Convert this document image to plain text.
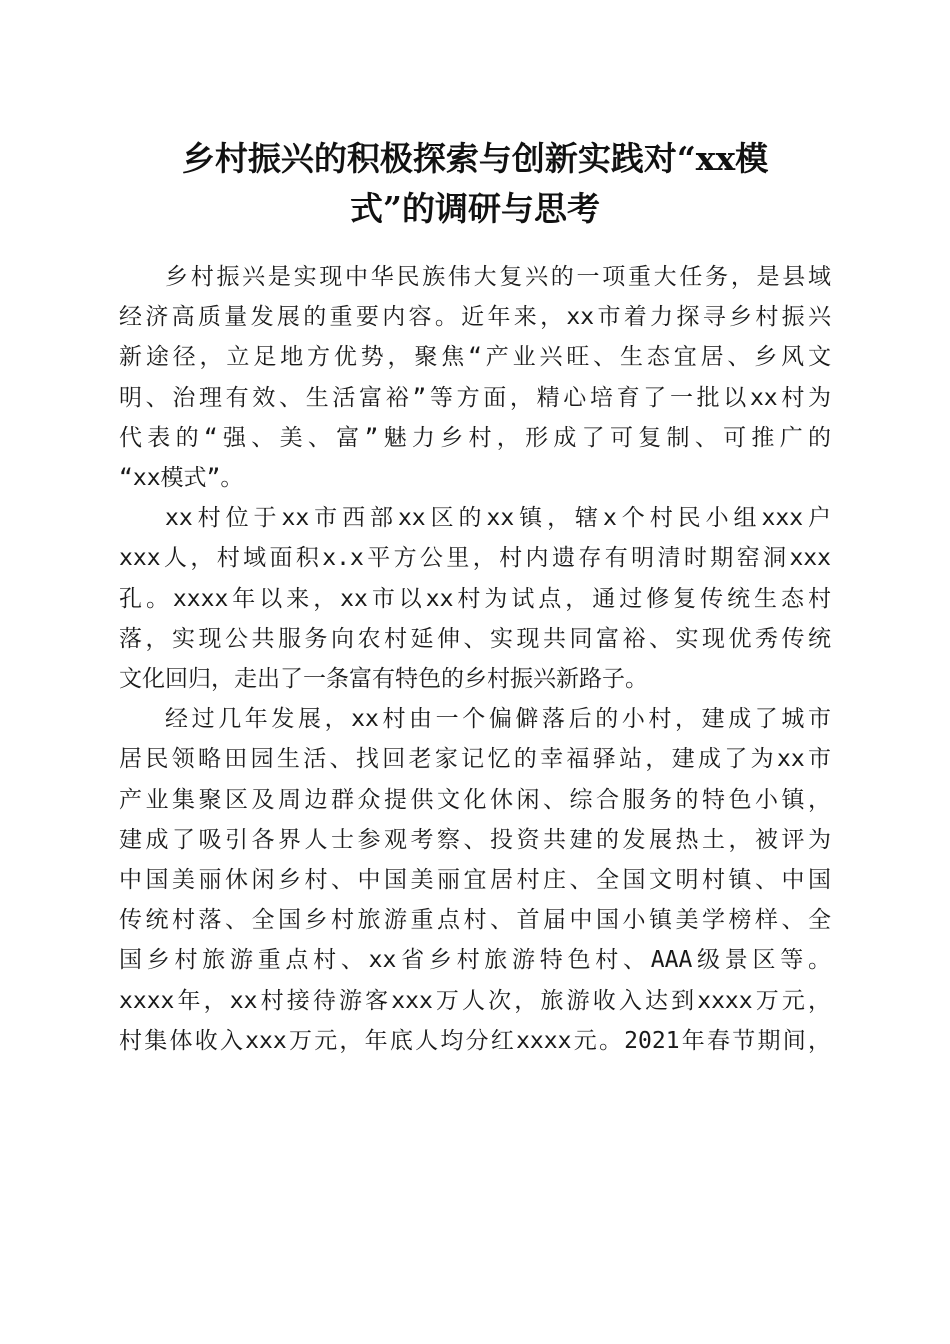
乡村振兴的积极探索与创新实践对“xx模
式”的调研与思考

乡村振兴是实现中华民族伟大复兴的一项重大任务，是县域
经济高质量发展的重要内容。近年来，xx市着力探寻乡村振兴
新途径，立足地方优势，聚焦“产业兴旺、生态宜居、乡风文
明、治理有效、生活富裕”等方面，精心培育了一批以xx村为
代表的“强、美、富”魅力乡村，形成了可复制、可推广的
“xx模式”。

xx村位于xx市西部xx区的xx镇，辖x个村民小组xxx户
xxx人，村域面积x.x平方公里，村内遗存有明清时期窑洞xxx
孔。xxxx年以来，xx市以xx村为试点，通过修复传统生态村
落，实现公共服务向农村延伸、实现共同富裕、实现优秀传统
文化回归，走出了一条富有特色的乡村振兴新路子。

经过几年发展，xx村由一个偏僻落后的小村，建成了城市
居民领略田园生活、找回老家记忆的幸福驿站，建成了为xx市
产业集聚区及周边群众提供文化休闲、综合服务的特色小镇，
建成了吸引各界人士参观考察、投资共建的发展热土，被评为
中国美丽休闲乡村、中国美丽宜居村庄、全国文明村镇、中国
传统村落、全国乡村旅游重点村、首届中国小镇美学榜样、全
国乡村旅游重点村、xx省乡村旅游特色村、AAA级景区等。
xxxx年，xx村接待游客xxx万人次，旅游收入达到xxxx万元，
村集体收入xxx万元，年底人均分红xxxx元。2021年春节期间，
